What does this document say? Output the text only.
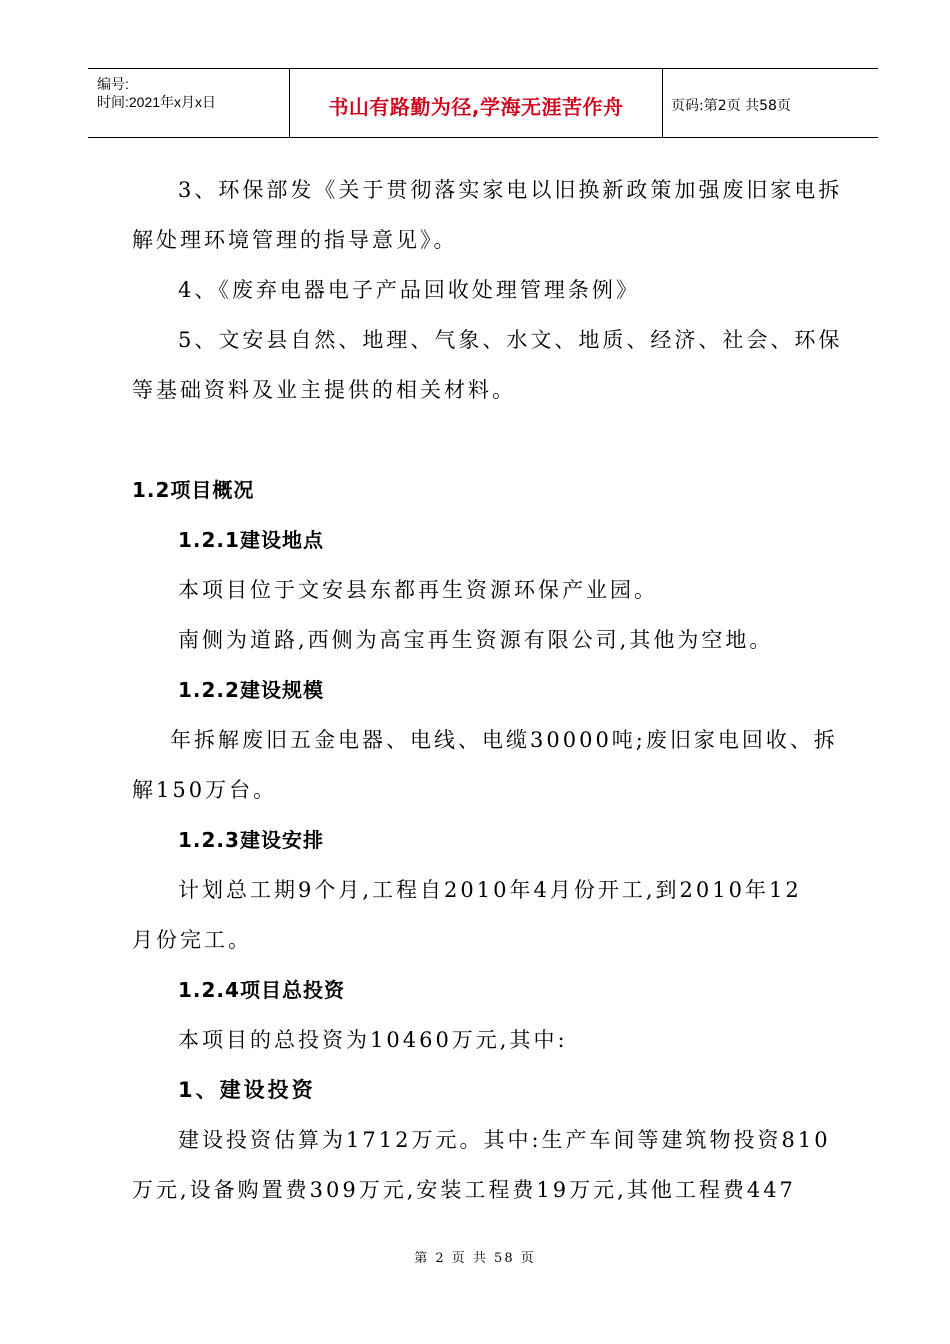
编号:
时间:2021年x月x日	书山有路勤为径,学海无涯苦作舟	页码:第2页 共58页
3、环保部发《关于贯彻落实家电以旧换新政策加强废旧家电拆
解处理环境管理的指导意见》。
4、《废弃电器电子产品回收处理管理条例》
5、文安县自然、地理、气象、水文、地质、经济、社会、环保
等基础资料及业主提供的相关材料。
1.2项目概况
1.2.1建设地点
本项目位于文安县东都再生资源环保产业园。
南侧为道路,西侧为高宝再生资源有限公司,其他为空地。
1.2.2建设规模
年拆解废旧五金电器、电线、电缆30000吨;废旧家电回收、拆
解150万台。
1.2.3建设安排
计划总工期9个月,工程自2010年4月份开工,到2010年12
月份完工。
1.2.4项目总投资
本项目的总投资为10460万元,其中:
1、建设投资
建设投资估算为1712万元。其中:生产车间等建筑物投资810
万元,设备购置费309万元,安装工程费19万元,其他工程费447
第 2 页 共 58 页
